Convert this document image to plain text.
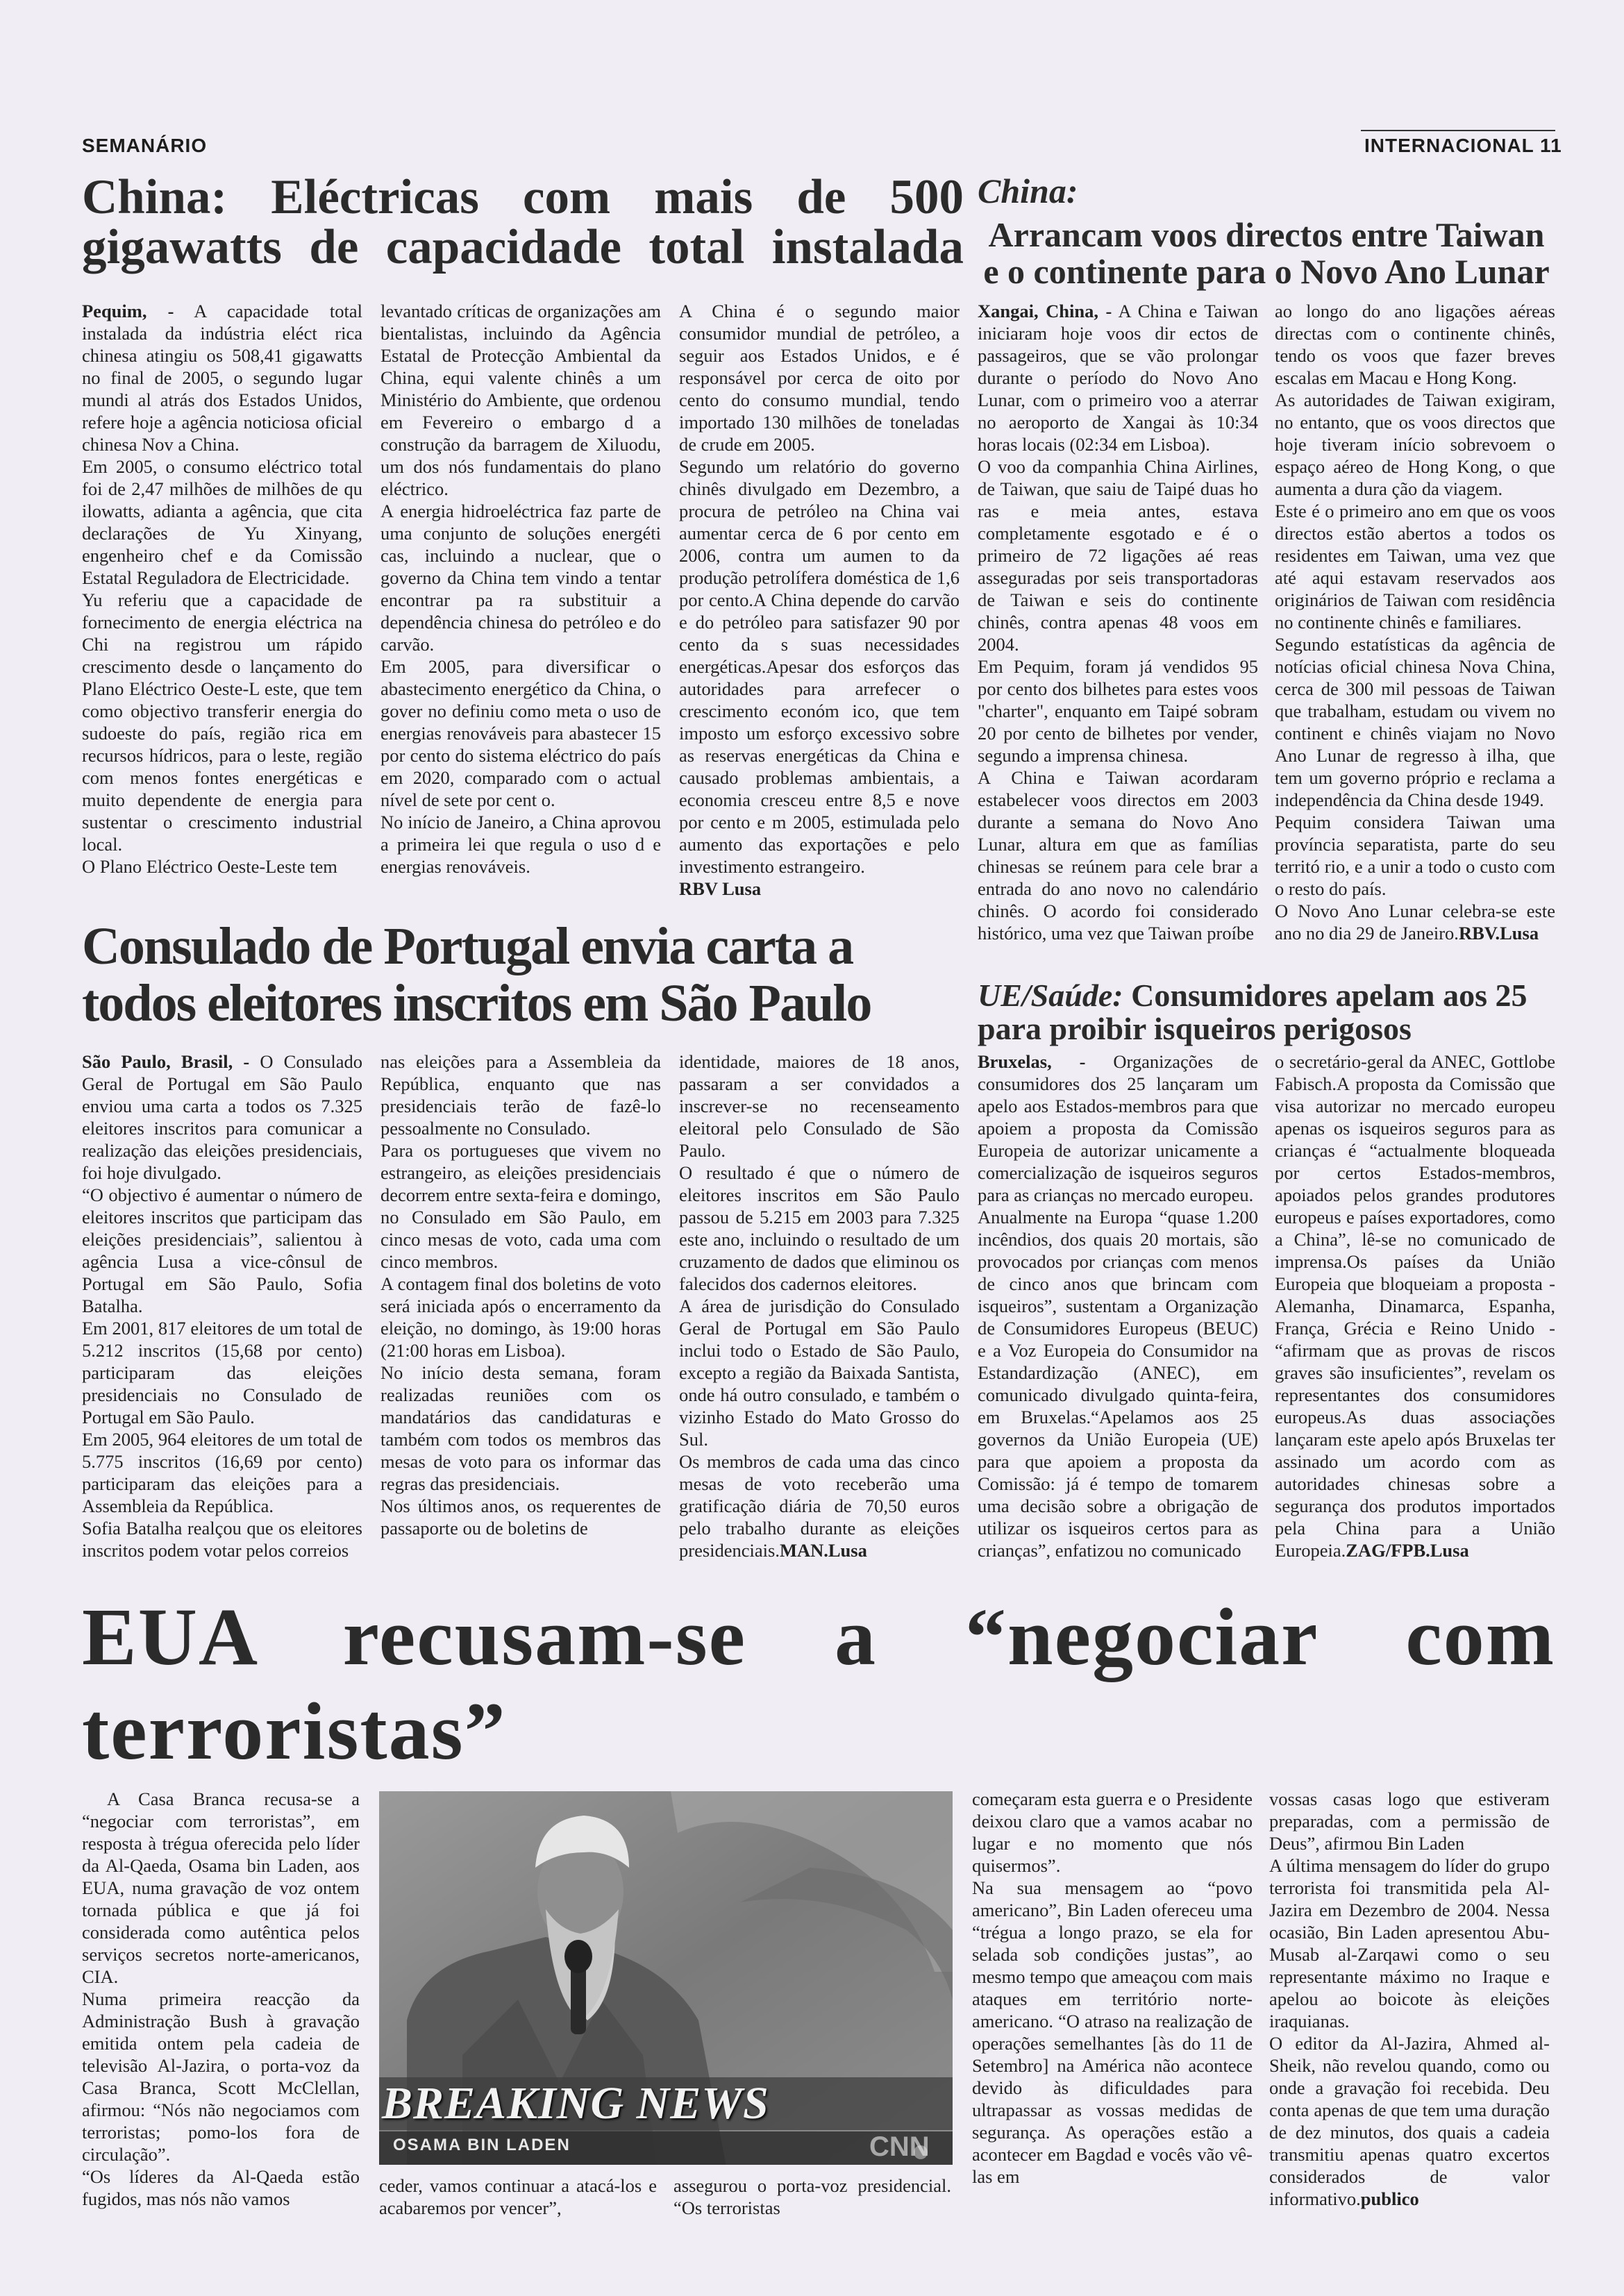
SEMANÁRIO	INTERNACIONAL 11
China: Eléctricas com mais de 500 gigawatts de capacidade total instalada

Pequim, - A capacidade total instalada da indústria eléct rica chinesa atingiu os 508,41 gigawatts no final de 2005, o segundo lugar mundi al atrás dos Estados Unidos, refere hoje a agência noticiosa oficial chinesa Nov a China.

Em 2005, o consumo eléctrico total foi de 2,47 milhões de milhões de qu ilowatts, adianta a agência, que cita declarações de Yu Xinyang, engenheiro chef e da Comissão Estatal Reguladora de Electricidade.

Yu referiu que a capacidade de fornecimento de energia eléctrica na Chi na registrou um rápido crescimento desde o lançamento do Plano Eléctrico Oeste-L este, que tem como objectivo transferir energia do sudoeste do país, região rica em recursos hídricos, para o leste, região com menos fontes energéticas e muito dependente de energia para sustentar o crescimento industrial local.

O Plano Eléctrico Oeste-Leste tem

levantado críticas de organizações am bientalistas, incluindo da Agência Estatal de Protecção Ambiental da China, equi valente chinês a um Ministério do Ambiente, que ordenou em Fevereiro o embargo d a construção da barragem de Xiluodu, um dos nós fundamentais do plano eléctrico.

A energia hidroeléctrica faz parte de uma conjunto de soluções energéti cas, incluindo a nuclear, que o governo da China tem vindo a tentar encontrar pa ra substituir a dependência chinesa do petróleo e do carvão.

Em 2005, para diversificar o abastecimento energético da China, o gover no definiu como meta o uso de energias renováveis para abastecer 15 por cento do sistema eléctrico do país em 2020, comparado com o actual nível de sete por cent o.

No início de Janeiro, a China aprovou a primeira lei que regula o uso d e energias renováveis.

A China é o segundo maior consumidor mundial de petróleo, a seguir aos Estados Unidos, e é responsável por cerca de oito por cento do consumo mundial, tendo importado 130 milhões de toneladas de crude em 2005.

Segundo um relatório do governo chinês divulgado em Dezembro, a procura de petróleo na China vai aumentar cerca de 6 por cento em 2006, contra um aumen to da produção petrolífera doméstica de 1,6 por cento.A China depende do carvão e do petróleo para satisfazer 90 por cento da s suas necessidades energéticas.Apesar dos esforços das autoridades para arrefecer o crescimento económ ico, que tem imposto um esforço excessivo sobre as reservas energéticas da China e causado problemas ambientais, a economia cresceu entre 8,5 e nove por cento e m 2005, estimulada pelo aumento das exportações e pelo investimento estrangeiro.

RBV Lusa

China:
Arrancam voos directos entre Taiwan e o continente para o Novo Ano Lunar

Xangai, China, - A China e Taiwan iniciaram hoje voos dir ectos de passageiros, que se vão prolongar durante o período do Novo Ano Lunar, com o primeiro voo a aterrar no aeroporto de Xangai às 10:34 horas locais (02:34 em Lisboa).

O voo da companhia China Airlines, de Taiwan, que saiu de Taipé duas ho ras e meia antes, estava completamente esgotado e é o primeiro de 72 ligações aé reas asseguradas por seis transportadoras de Taiwan e seis do continente chinês, contra apenas 48 voos em 2004.

Em Pequim, foram já vendidos 95 por cento dos bilhetes para estes voos "charter", enquanto em Taipé sobram 20 por cento de bilhetes por vender, segundo a imprensa chinesa.

A China e Taiwan acordaram estabelecer voos directos em 2003 durante a semana do Novo Ano Lunar, altura em que as famílias chinesas se reúnem para cele brar a entrada do ano novo no calendário chinês. O acordo foi considerado histórico, uma vez que Taiwan proíbe

ao longo do ano ligações aéreas directas com o continente chinês, tendo os voos que fazer breves escalas em Macau e Hong Kong.

As autoridades de Taiwan exigiram, no entanto, que os voos directos que hoje tiveram início sobrevoem o espaço aéreo de Hong Kong, o que aumenta a dura ção da viagem.

Este é o primeiro ano em que os voos directos estão abertos a todos os residentes em Taiwan, uma vez que até aqui estavam reservados aos originários de Taiwan com residência no continente chinês e familiares.

Segundo estatísticas da agência de notícias oficial chinesa Nova China, cerca de 300 mil pessoas de Taiwan que trabalham, estudam ou vivem no continent e chinês viajam no Novo Ano Lunar de regresso à ilha, que tem um governo próprio e reclama a independência da China desde 1949.

Pequim considera Taiwan uma província separatista, parte do seu territó rio, e a unir a todo o custo com o resto do país.

O Novo Ano Lunar celebra-se este ano no dia 29 de Janeiro.RBV.Lusa

Consulado de Portugal envia carta a todos eleitores inscritos em São Paulo

São Paulo, Brasil, - O Consulado Geral de Portugal em São Paulo enviou uma carta a todos os 7.325 eleitores inscritos para comunicar a realização das eleições presidenciais, foi hoje divulgado.

“O objectivo é aumentar o número de eleitores inscritos que participam das eleições presidenciais”, salientou à agência Lusa a vice-cônsul de Portugal em São Paulo, Sofia Batalha.

Em 2001, 817 eleitores de um total de 5.212 inscritos (15,68 por cento) participaram das eleições presidenciais no Consulado de Portugal em São Paulo.

Em 2005, 964 eleitores de um total de 5.775 inscritos (16,69 por cento) participaram das eleições para a Assembleia da República.

Sofia Batalha realçou que os eleitores inscritos podem votar pelos correios

nas eleições para a Assembleia da República, enquanto que nas presidenciais terão de fazê-lo pessoalmente no Consulado.

Para os portugueses que vivem no estrangeiro, as eleições presidenciais decorrem entre sexta-feira e domingo, no Consulado em São Paulo, em cinco mesas de voto, cada uma com cinco membros.

A contagem final dos boletins de voto será iniciada após o encerramento da eleição, no domingo, às 19:00 horas (21:00 horas em Lisboa).

No início desta semana, foram realizadas reuniões com os mandatários das candidaturas e também com todos os membros das mesas de voto para os informar das regras das presidenciais.

Nos últimos anos, os requerentes de passaporte ou de boletins de

identidade, maiores de 18 anos, passaram a ser convidados a inscrever-se no recenseamento eleitoral pelo Consulado de São Paulo.

O resultado é que o número de eleitores inscritos em São Paulo passou de 5.215 em 2003 para 7.325 este ano, incluindo o resultado de um cruzamento de dados que eliminou os falecidos dos cadernos eleitores.

A área de jurisdição do Consulado Geral de Portugal em São Paulo inclui todo o Estado de São Paulo, excepto a região da Baixada Santista, onde há outro consulado, e também o vizinho Estado do Mato Grosso do Sul.

Os membros de cada uma das cinco mesas de voto receberão uma gratificação diária de 70,50 euros pelo trabalho durante as eleições presidenciais.MAN.Lusa

UE/Saúde: Consumidores apelam aos 25 para proibir isqueiros perigosos

Bruxelas, - Organizações de consumidores dos 25 lançaram um apelo aos Estados-membros para que apoiem a proposta da Comissão Europeia de autorizar unicamente a comercialização de isqueiros seguros para as crianças no mercado europeu.

Anualmente na Europa “quase 1.200 incêndios, dos quais 20 mortais, são provocados por crianças com menos de cinco anos que brincam com isqueiros”, sustentam a Organização de Consumidores Europeus (BEUC) e a Voz Europeia do Consumidor na Estandardização (ANEC), em comunicado divulgado quinta-feira, em Bruxelas.“Apelamos aos 25 governos da União Europeia (UE) para que apoiem a proposta da Comissão: já é tempo de tomarem uma decisão sobre a obrigação de utilizar os isqueiros certos para as crianças”, enfatizou no comunicado

o secretário-geral da ANEC, Gottlobe Fabisch.A proposta da Comissão que visa autorizar no mercado europeu apenas os isqueiros seguros para as crianças é “actualmente bloqueada por certos Estados-membros, apoiados pelos grandes produtores europeus e países exportadores, como a China”, lê-se no comunicado de imprensa.Os países da União Europeia que bloqueiam a proposta - Alemanha, Dinamarca, Espanha, França, Grécia e Reino Unido - “afirmam que as provas de riscos graves são insuficientes”, revelam os representantes dos consumidores europeus.As duas associações lançaram este apelo após Bruxelas ter assinado um acordo com as autoridades chinesas sobre a segurança dos produtos importados pela China para a União Europeia.ZAG/FPB.Lusa

EUA recusam-se a “negociar com terroristas”

A Casa Branca recusa-se a “negociar com terroristas”, em resposta à trégua oferecida pelo líder da Al-Qaeda, Osama bin Laden, aos EUA, numa gravação de voz ontem tornada pública e que já foi considerada como autêntica pelos serviços secretos norte-americanos, CIA.

Numa primeira reacção da Administração Bush à gravação emitida ontem pela cadeia de televisão Al-Jazira, o porta-voz da Casa Branca, Scott McClellan, afirmou: “Nós não negociamos com terroristas; pomo-los fora de circulação”.

“Os líderes da Al-Qaeda estão fugidos, mas nós não vamos

BREAKING NEWS
OSAMA BIN LADEN	CNN

ceder, vamos continuar a atacá-los e acabaremos por vencer”,

assegurou o porta-voz presidencial. “Os terroristas

começaram esta guerra e o Presidente deixou claro que a vamos acabar no lugar e no momento que nós quisermos”.

Na sua mensagem ao “povo americano”, Bin Laden ofereceu uma “trégua a longo prazo, se ela for selada sob condições justas”, ao mesmo tempo que ameaçou com mais ataques em território norte-americano. “O atraso na realização de operações semelhantes [às do 11 de Setembro] na América não acontece devido às dificuldades para ultrapassar as vossas medidas de segurança. As operações estão a acontecer em Bagdad e vocês vão vê-las em

vossas casas logo que estiveram preparadas, com a permissão de Deus”, afirmou Bin Laden

A última mensagem do líder do grupo terrorista foi transmitida pela Al-Jazira em Dezembro de 2004. Nessa ocasião, Bin Laden apresentou Abu-Musab al-Zarqawi como o seu representante máximo no Iraque e apelou ao boicote às eleições iraquianas.

O editor da Al-Jazira, Ahmed al-Sheik, não revelou quando, como ou onde a gravação foi recebida. Deu conta apenas de que tem uma duração de dez minutos, dos quais a cadeia transmitiu apenas quatro excertos considerados de valor informativo.publico
